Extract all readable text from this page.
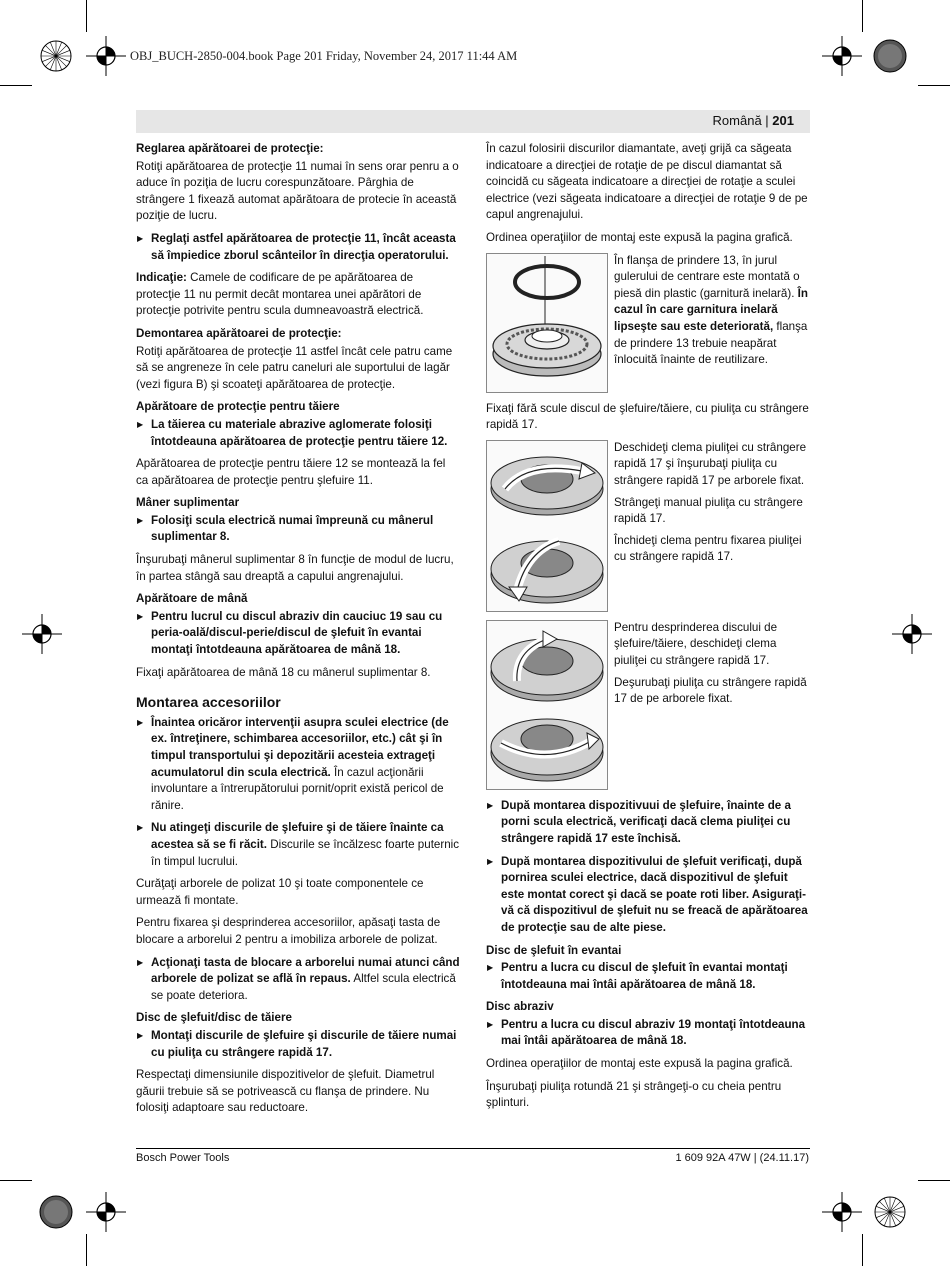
OBJ_BUCH-2850-004.book Page 201 Friday, November 24, 2017 11:44 AM
Română | 201
Reglarea apărătoarei de protecţie:

Rotiţi apărătoarea de protecţie 11 numai în sens orar penru a o aduce în poziţia de lucru corespunzătoare. Pârghia de strângere 1 fixează automat apărătoara de protecie în această poziţie de lucru.

▶ Reglaţi astfel apărătoarea de protecţie 11, încât aceasta să împiedice zborul scânteilor în direcţia operatorului.

Indicaţie: Camele de codificare de pe apărătoarea de protecţie 11 nu permit decât montarea unei apărători de protecţie potrivite pentru scula dumneavoastră electrică.

Demontarea apărătoarei de protecţie:

Rotiţi apărătoarea de protecţie 11 astfel încât cele patru came să se angreneze în cele patru caneluri ale suportului de lagăr (vezi figura B) şi scoateţi apărătoarea de protecţie.

Apărătoare de protecţie pentru tăiere
▶ La tăierea cu materiale abrazive aglomerate folosiţi întotdeauna apărătoarea de protecţie pentru tăiere 12.

Apărătoarea de protecţie pentru tăiere 12 se montează la fel ca apărătoarea de protecţie pentru şlefuire 11.

Mâner suplimentar
▶ Folosiţi scula electrică numai împreună cu mânerul suplimentar 8.

Înşurubaţi mânerul suplimentar 8 în funcţie de modul de lucru, în partea stângă sau dreaptă a capului angrenajului.

Apărătoare de mână
▶ Pentru lucrul cu discul abraziv din cauciuc 19 sau cu peria-oală/discul-perie/discul de şlefuit în evantai montaţi întotdeauna apărătoarea de mână 18.

Fixaţi apărătoarea de mână 18 cu mânerul suplimentar 8.

Montarea accesoriilor
▶ Înaintea oricăror intervenţii asupra sculei electrice (de ex. întreţinere, schimbarea accesoriilor, etc.) cât şi în timpul transportului şi depozitării acesteia extrageţi acumulatorul din scula electrică. În cazul acţionării involuntare a întrerupătorului pornit/oprit există pericol de rănire.
▶ Nu atingeţi discurile de şlefuire şi de tăiere înainte ca acestea să se fi răcit. Discurile se încălzesc foarte puternic în timpul lucrului.

Curăţaţi arborele de polizat 10 şi toate componentele ce urmează fi montate.

Pentru fixarea şi desprinderea accesoriilor, apăsaţi tasta de blocare a arborelui 2 pentru a imobiliza arborele de polizat.

▶ Acţionaţi tasta de blocare a arborelui numai atunci când arborele de polizat se află în repaus. Altfel scula electrică se poate deteriora.
Disc de şlefuit/disc de tăiere
▶ Montaţi discurile de şlefuire şi discurile de tăiere numai cu piuliţa cu strângere rapidă 17.

Respectaţi dimensiunile dispozitivelor de şlefuit. Diametrul găurii trebuie să se potrivească cu flanşa de prindere. Nu folosiţi adaptoare sau reductoare.

În cazul folosirii discurilor diamantate, aveţi grijă ca săgeata indicatoare a direcţiei de rotaţie de pe discul diamantat să coincidă cu săgeata indicatoare a direcţiei de rotaţie a sculei electrice (vezi săgeata indicatoare a direcţiei de rotaţie 9 de pe capul angrenajului.

Ordinea operaţiilor de montaj este expusă la pagina grafică.

În flanşa de prindere 13, în jurul gulerului de centrare este montată o piesă din plastic (garnitură inelară). În cazul în care garnitura inelară lipseşte sau este deteriorată, flanşa de prindere 13 trebuie neapărat înlocuită înainte de reutilizare.

Fixaţi fără scule discul de şlefuire/tăiere, cu piuliţa cu strângere rapidă 17.

Deschideţi clema piuliţei cu strângere rapidă 17 şi înşurubaţi piuliţa cu strângere rapidă 17 pe arborele fixat.

Strângeţi manual piuliţa cu strângere rapidă 17.

Închideţi clema pentru fixarea piuliţei cu strângere rapidă 17.

Pentru desprinderea discului de şlefuire/tăiere, deschideţi clema piuliţei cu strângere rapidă 17.

Deşurubaţi piuliţa cu strângere rapidă 17 de pe arborele fixat.

▶ După montarea dispozitivuui de şlefuire, înainte de a porni scula electrică, verificaţi dacă clema piuliţei cu strângere rapidă 17 este închisă.
▶ După montarea dispozitivului de şlefuit verificaţi, după pornirea sculei electrice, dacă dispozitivul de şlefuit este montat corect şi dacă se poate roti liber. Asiguraţi-vă că dispozitivul de şlefuit nu se freacă de apărătoarea de protecţie sau de alte piese.
Disc de şlefuit în evantai
▶ Pentru a lucra cu discul de şlefuit în evantai montaţi întotdeauna mai întâi apărătoarea de mână 18.
Disc abraziv
▶ Pentru a lucra cu discul abraziv 19 montaţi întotdeauna mai întâi apărătoarea de mână 18.

Ordinea operaţiilor de montaj este expusă la pagina grafică.

Înşurubaţi piuliţa rotundă 21 şi strângeţi-o cu cheia pentru şplinturi.

Bosch Power Tools	1 609 92A 47W | (24.11.17)
